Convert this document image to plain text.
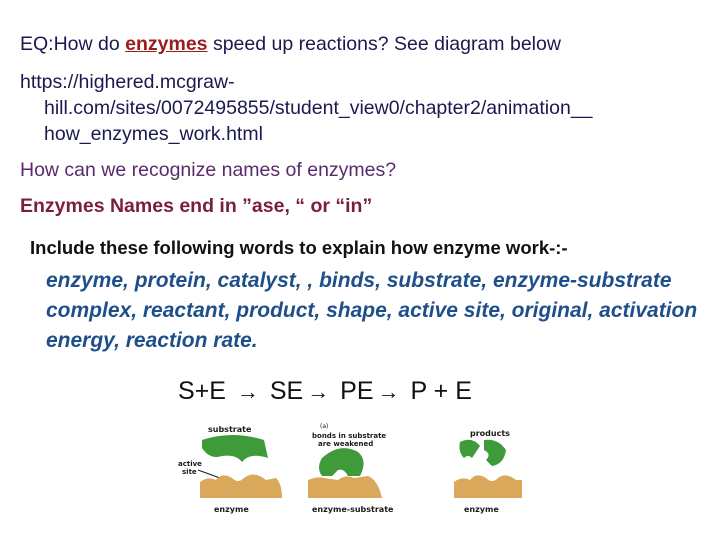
EQ:How do enzymes speed up reactions? See diagram below
https://highered.mcgraw-
hill.com/sites/0072495855/student_view0/chapter2/animation__
how_enzymes_work.html
How can we recognize names of enzymes?
Enzymes Names end in ”ase, “ or “in”
Include these following words to explain how enzyme work-:-
enzyme, protein, catalyst, , binds, substrate, enzyme-substrate complex, reactant, product, shape, active site, original, activation energy, reaction rate.
S+E → SE → PE → P + E
substrate
active
site
enzyme
(a)
bonds in substrate
are weakened
enzyme-substrate
products
enzyme
